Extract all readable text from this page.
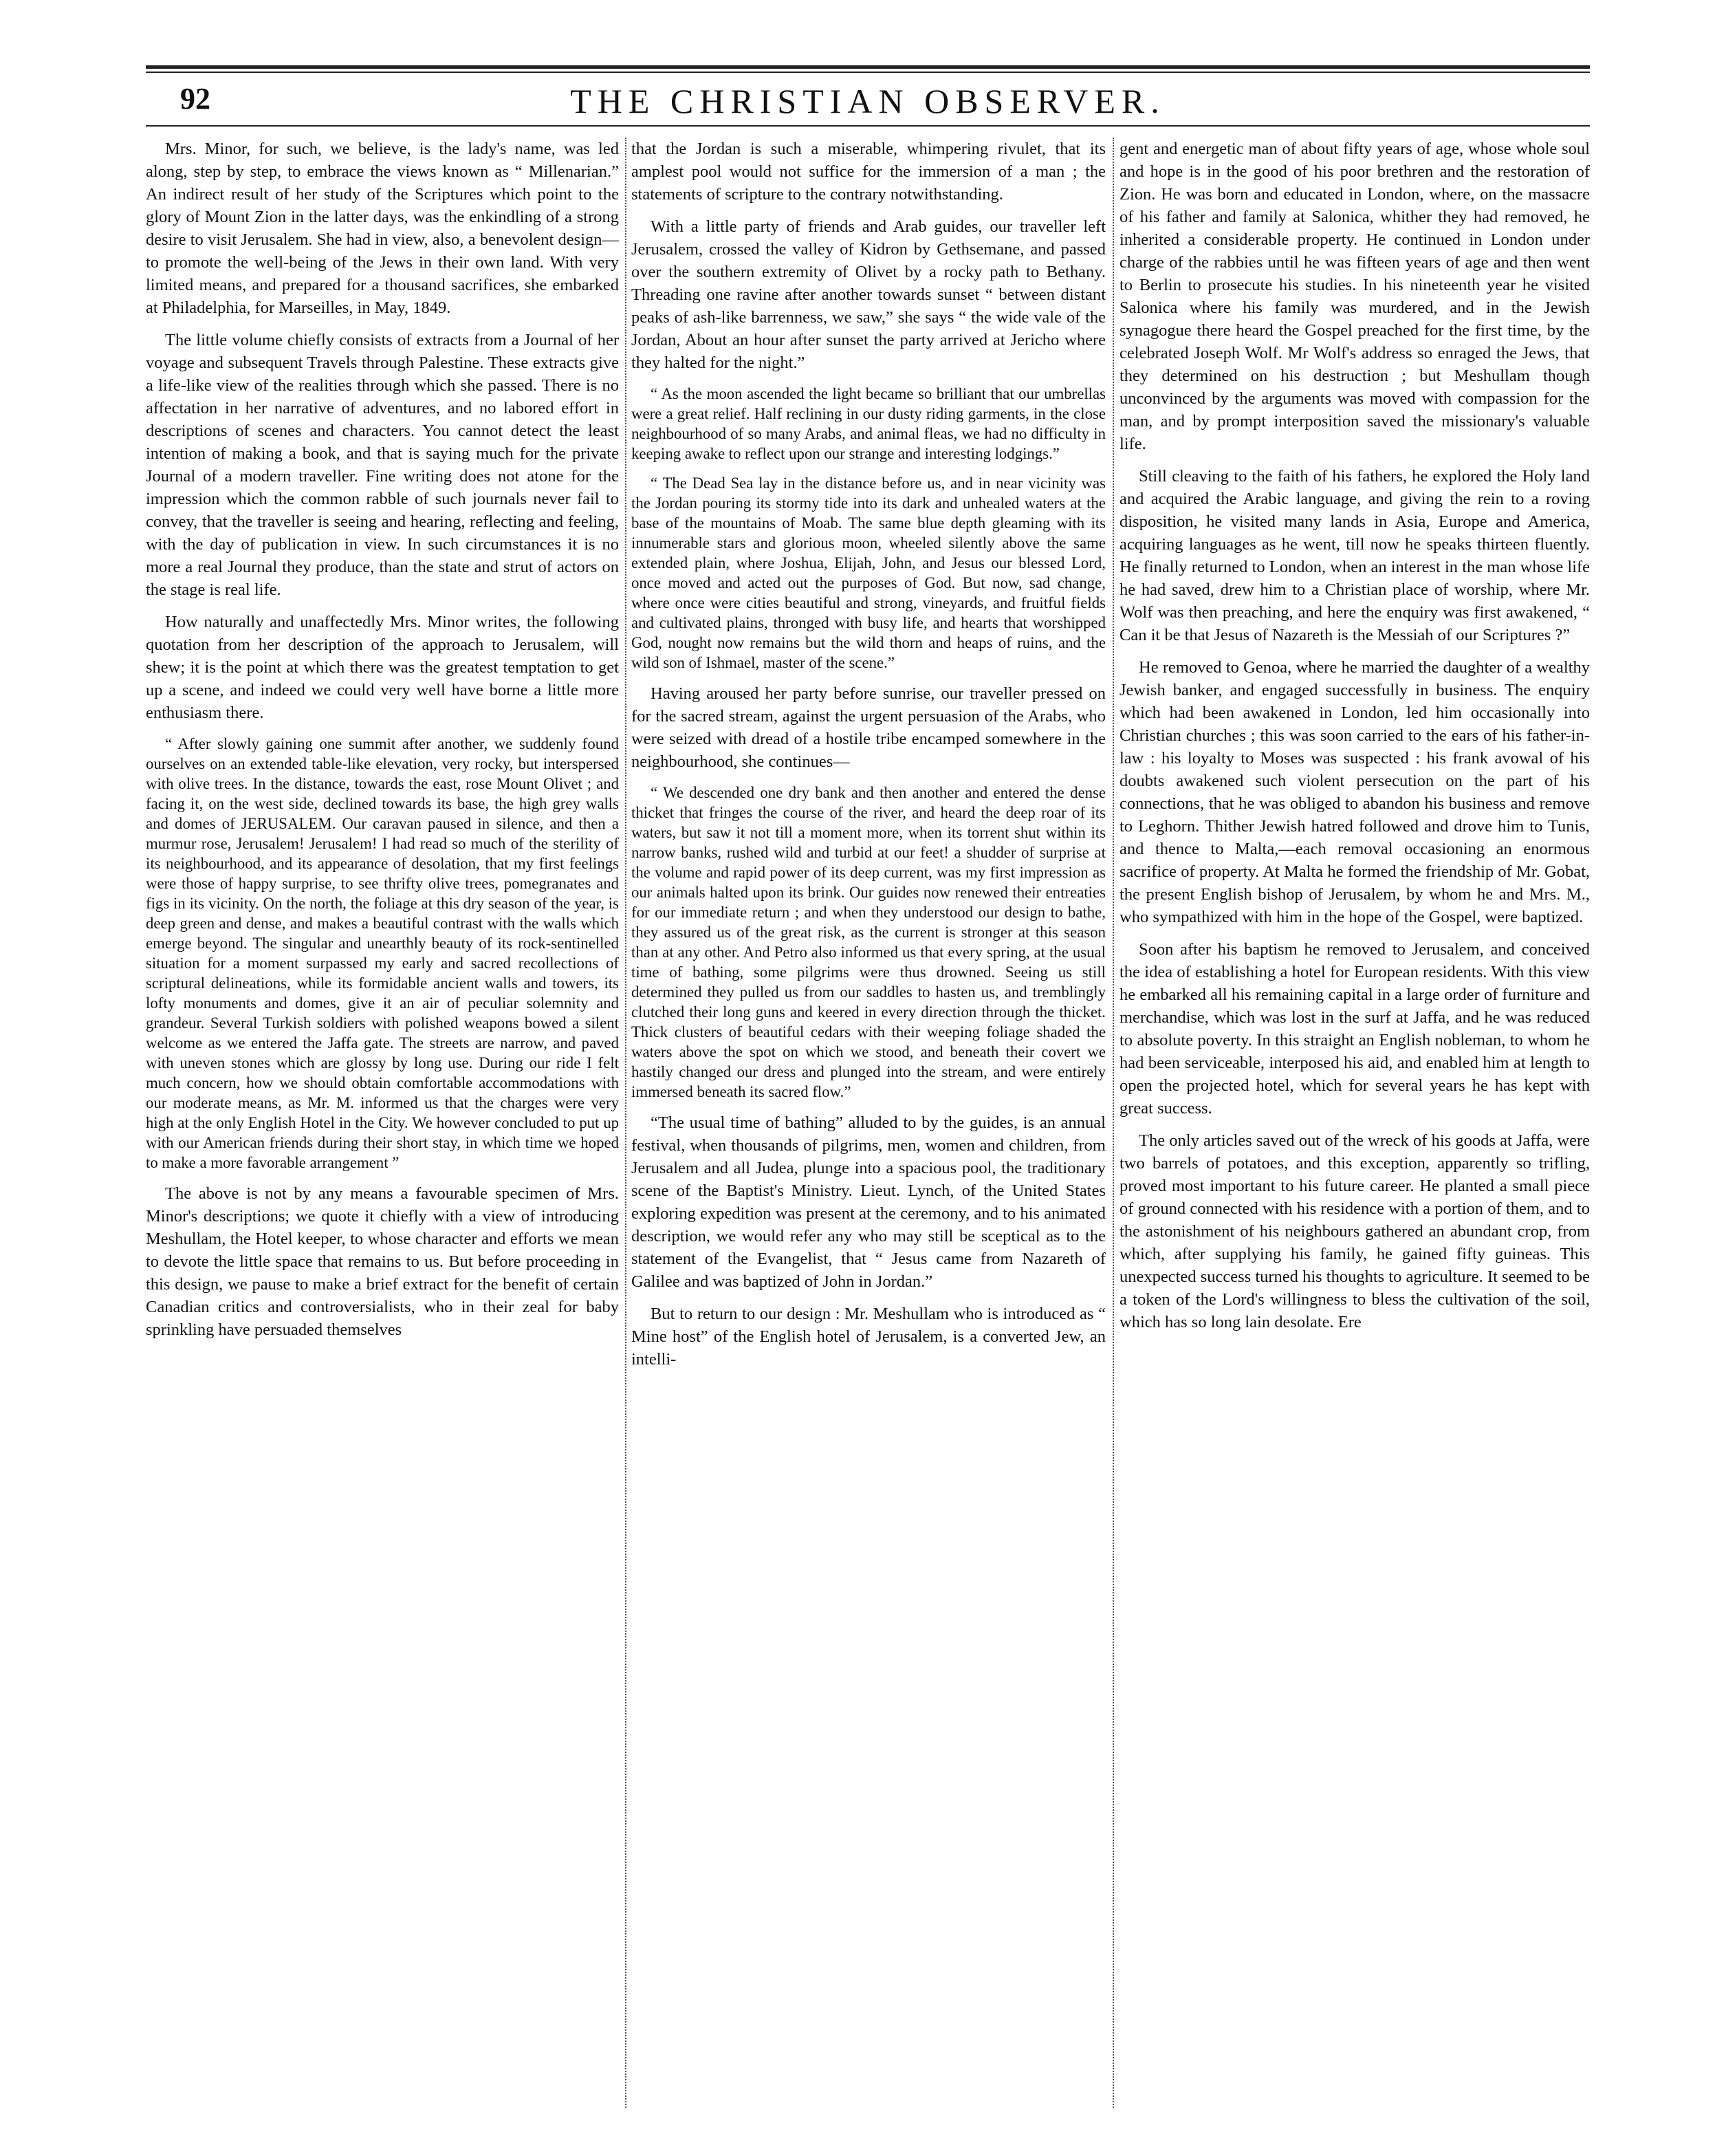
92	THE CHRISTIAN OBSERVER.

Mrs. Minor, for such, we believe, is the lady's name, was led along, step by step, to embrace the views known as “ Millenarian.” An indirect result of her study of the Scriptures which point to the glory of Mount Zion in the latter days, was the enkindling of a strong desire to visit Jerusalem. She had in view, also, a benevolent design—to promote the well-being of the Jews in their own land. With very limited means, and prepared for a thousand sacrifices, she embarked at Philadelphia, for Marseilles, in May, 1849.

The little volume chiefly consists of extracts from a Journal of her voyage and subsequent Travels through Palestine. These extracts give a life-like view of the realities through which she passed. There is no affectation in her narrative of adventures, and no labored effort in descriptions of scenes and characters. You cannot detect the least intention of making a book, and that is saying much for the private Journal of a modern traveller. Fine writing does not atone for the impression which the common rabble of such journals never fail to convey, that the traveller is seeing and hearing, reflecting and feeling, with the day of publication in view. In such circumstances it is no more a real Journal they produce, than the state and strut of actors on the stage is real life.

How naturally and unaffectedly Mrs. Minor writes, the following quotation from her description of the approach to Jerusalem, will shew; it is the point at which there was the greatest temptation to get up a scene, and indeed we could very well have borne a little more enthusiasm there.

“ After slowly gaining one summit after another, we suddenly found ourselves on an extended table-like elevation, very rocky, but interspersed with olive trees. In the distance, towards the east, rose Mount Olivet ; and facing it, on the west side, declined towards its base, the high grey walls and domes of JERUSALEM. Our caravan paused in silence, and then a murmur rose, Jerusalem! Jerusalem! I had read so much of the sterility of its neighbourhood, and its appearance of desolation, that my first feelings were those of happy surprise, to see thrifty olive trees, pomegranates and figs in its vicinity. On the north, the foliage at this dry season of the year, is deep green and dense, and makes a beautiful contrast with the walls which emerge beyond. The singular and unearthly beauty of its rock-sentinelled situation for a moment surpassed my early and sacred recollections of scriptural delineations, while its formidable ancient walls and towers, its lofty monuments and domes, give it an air of peculiar solemnity and grandeur. Several Turkish soldiers with polished weapons bowed a silent welcome as we entered the Jaffa gate. The streets are narrow, and paved with uneven stones which are glossy by long use. During our ride I felt much concern, how we should obtain comfortable accommodations with our moderate means, as Mr. M. informed us that the charges were very high at the only English Hotel in the City. We however concluded to put up with our American friends during their short stay, in which time we hoped to make a more favorable arrangement ”

The above is not by any means a favourable specimen of Mrs. Minor's descriptions; we quote it chiefly with a view of introducing Meshullam, the Hotel keeper, to whose character and efforts we mean to devote the little space that remains to us. But before proceeding in this design, we pause to make a brief extract for the benefit of certain Canadian critics and controversialists, who in their zeal for baby sprinkling have persuaded themselves

that the Jordan is such a miserable, whimpering rivulet, that its amplest pool would not suffice for the immersion of a man ; the statements of scripture to the contrary notwithstanding.

With a little party of friends and Arab guides, our traveller left Jerusalem, crossed the valley of Kidron by Gethsemane, and passed over the southern extremity of Olivet by a rocky path to Bethany. Threading one ravine after another towards sunset “ between distant peaks of ash-like barrenness, we saw,” she says “ the wide vale of the Jordan, About an hour after sunset the party arrived at Jericho where they halted for the night.”

“ As the moon ascended the light became so brilliant that our umbrellas were a great relief. Half reclining in our dusty riding garments, in the close neighbourhood of so many Arabs, and animal fleas, we had no difficulty in keeping awake to reflect upon our strange and interesting lodgings.”

“ The Dead Sea lay in the distance before us, and in near vicinity was the Jordan pouring its stormy tide into its dark and unhealed waters at the base of the mountains of Moab. The same blue depth gleaming with its innumerable stars and glorious moon, wheeled silently above the same extended plain, where Joshua, Elijah, John, and Jesus our blessed Lord, once moved and acted out the purposes of God. But now, sad change, where once were cities beautiful and strong, vineyards, and fruitful fields and cultivated plains, thronged with busy life, and hearts that worshipped God, nought now remains but the wild thorn and heaps of ruins, and the wild son of Ishmael, master of the scene.”

Having aroused her party before sunrise, our traveller pressed on for the sacred stream, against the urgent persuasion of the Arabs, who were seized with dread of a hostile tribe encamped somewhere in the neighbourhood, she continues—

“ We descended one dry bank and then another and entered the dense thicket that fringes the course of the river, and heard the deep roar of its waters, but saw it not till a moment more, when its torrent shut within its narrow banks, rushed wild and turbid at our feet! a shudder of surprise at the volume and rapid power of its deep current, was my first impression as our animals halted upon its brink. Our guides now renewed their entreaties for our immediate return ; and when they understood our design to bathe, they assured us of the great risk, as the current is stronger at this season than at any other. And Petro also informed us that every spring, at the usual time of bathing, some pilgrims were thus drowned. Seeing us still determined they pulled us from our saddles to hasten us, and tremblingly clutched their long guns and keered in every direction through the thicket. Thick clusters of beautiful cedars with their weeping foliage shaded the waters above the spot on which we stood, and beneath their covert we hastily changed our dress and plunged into the stream, and were entirely immersed beneath its sacred flow.”

“The usual time of bathing” alluded to by the guides, is an annual festival, when thousands of pilgrims, men, women and children, from Jerusalem and all Judea, plunge into a spacious pool, the traditionary scene of the Baptist's Ministry. Lieut. Lynch, of the United States exploring expedition was present at the ceremony, and to his animated description, we would refer any who may still be sceptical as to the statement of the Evangelist, that “ Jesus came from Nazareth of Galilee and was baptized of John in Jordan.”

But to return to our design : Mr. Meshullam who is introduced as “ Mine host” of the English hotel of Jerusalem, is a converted Jew, an intelli-

gent and energetic man of about fifty years of age, whose whole soul and hope is in the good of his poor brethren and the restoration of Zion. He was born and educated in London, where, on the massacre of his father and family at Salonica, whither they had removed, he inherited a considerable property. He continued in London under charge of the rabbies until he was fifteen years of age and then went to Berlin to prosecute his studies. In his nineteenth year he visited Salonica where his family was murdered, and in the Jewish synagogue there heard the Gospel preached for the first time, by the celebrated Joseph Wolf. Mr Wolf's address so enraged the Jews, that they determined on his destruction ; but Meshullam though unconvinced by the arguments was moved with compassion for the man, and by prompt interposition saved the missionary's valuable life.

Still cleaving to the faith of his fathers, he explored the Holy land and acquired the Arabic language, and giving the rein to a roving disposition, he visited many lands in Asia, Europe and America, acquiring languages as he went, till now he speaks thirteen fluently. He finally returned to London, when an interest in the man whose life he had saved, drew him to a Christian place of worship, where Mr. Wolf was then preaching, and here the enquiry was first awakened, “ Can it be that Jesus of Nazareth is the Messiah of our Scriptures ?”

He removed to Genoa, where he married the daughter of a wealthy Jewish banker, and engaged successfully in business. The enquiry which had been awakened in London, led him occasionally into Christian churches ; this was soon carried to the ears of his father-in-law : his loyalty to Moses was suspected : his frank avowal of his doubts awakened such violent persecution on the part of his connections, that he was obliged to abandon his business and remove to Leghorn. Thither Jewish hatred followed and drove him to Tunis, and thence to Malta,—each removal occasioning an enormous sacrifice of property. At Malta he formed the friendship of Mr. Gobat, the present English bishop of Jerusalem, by whom he and Mrs. M., who sympathized with him in the hope of the Gospel, were baptized.

Soon after his baptism he removed to Jerusalem, and conceived the idea of establishing a hotel for European residents. With this view he embarked all his remaining capital in a large order of furniture and merchandise, which was lost in the surf at Jaffa, and he was reduced to absolute poverty. In this straight an English nobleman, to whom he had been serviceable, interposed his aid, and enabled him at length to open the projected hotel, which for several years he has kept with great success.

The only articles saved out of the wreck of his goods at Jaffa, were two barrels of potatoes, and this exception, apparently so trifling, proved most important to his future career. He planted a small piece of ground connected with his residence with a portion of them, and to the astonishment of his neighbours gathered an abundant crop, from which, after supplying his family, he gained fifty guineas. This unexpected success turned his thoughts to agriculture. It seemed to be a token of the Lord's willingness to bless the cultivation of the soil, which has so long lain desolate. Ere
